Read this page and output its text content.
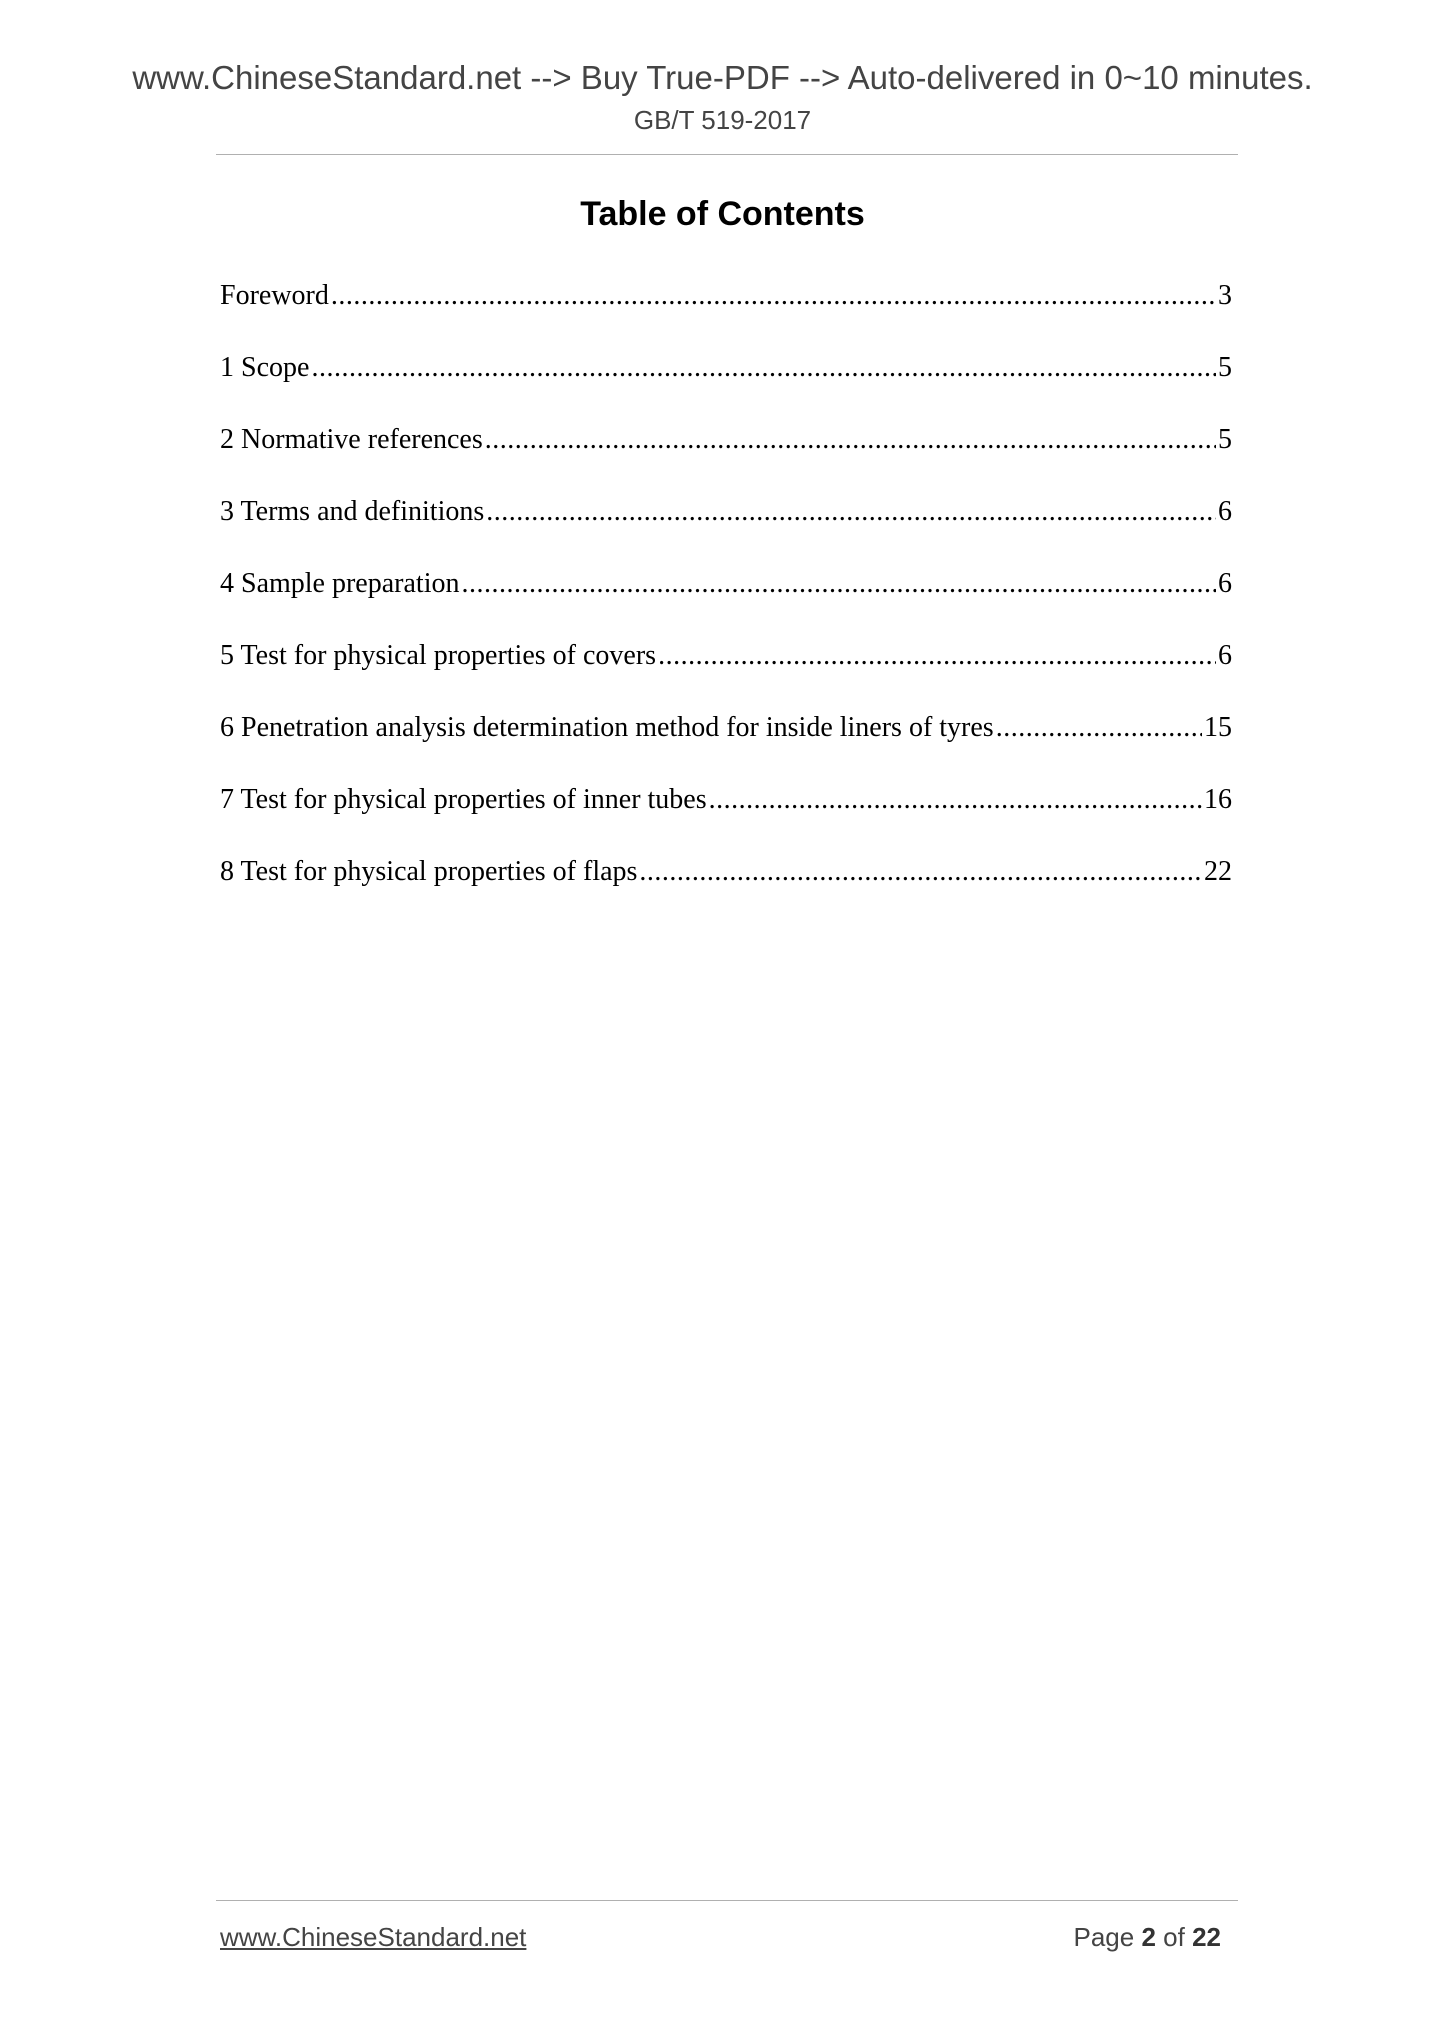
www.ChineseStandard.net --> Buy True-PDF --> Auto-delivered in 0~10 minutes.
GB/T 519-2017
Table of Contents
Foreword .....	3
1 Scope .....	5
2 Normative references .....	5
3 Terms and definitions .....	6
4 Sample preparation .....	6
5 Test for physical properties of covers .....	6
6 Penetration analysis determination method for inside liners of tyres .....	15
7 Test for physical properties of inner tubes .....	16
8 Test for physical properties of flaps .....	22
www.ChineseStandard.net	Page 2 of 22
